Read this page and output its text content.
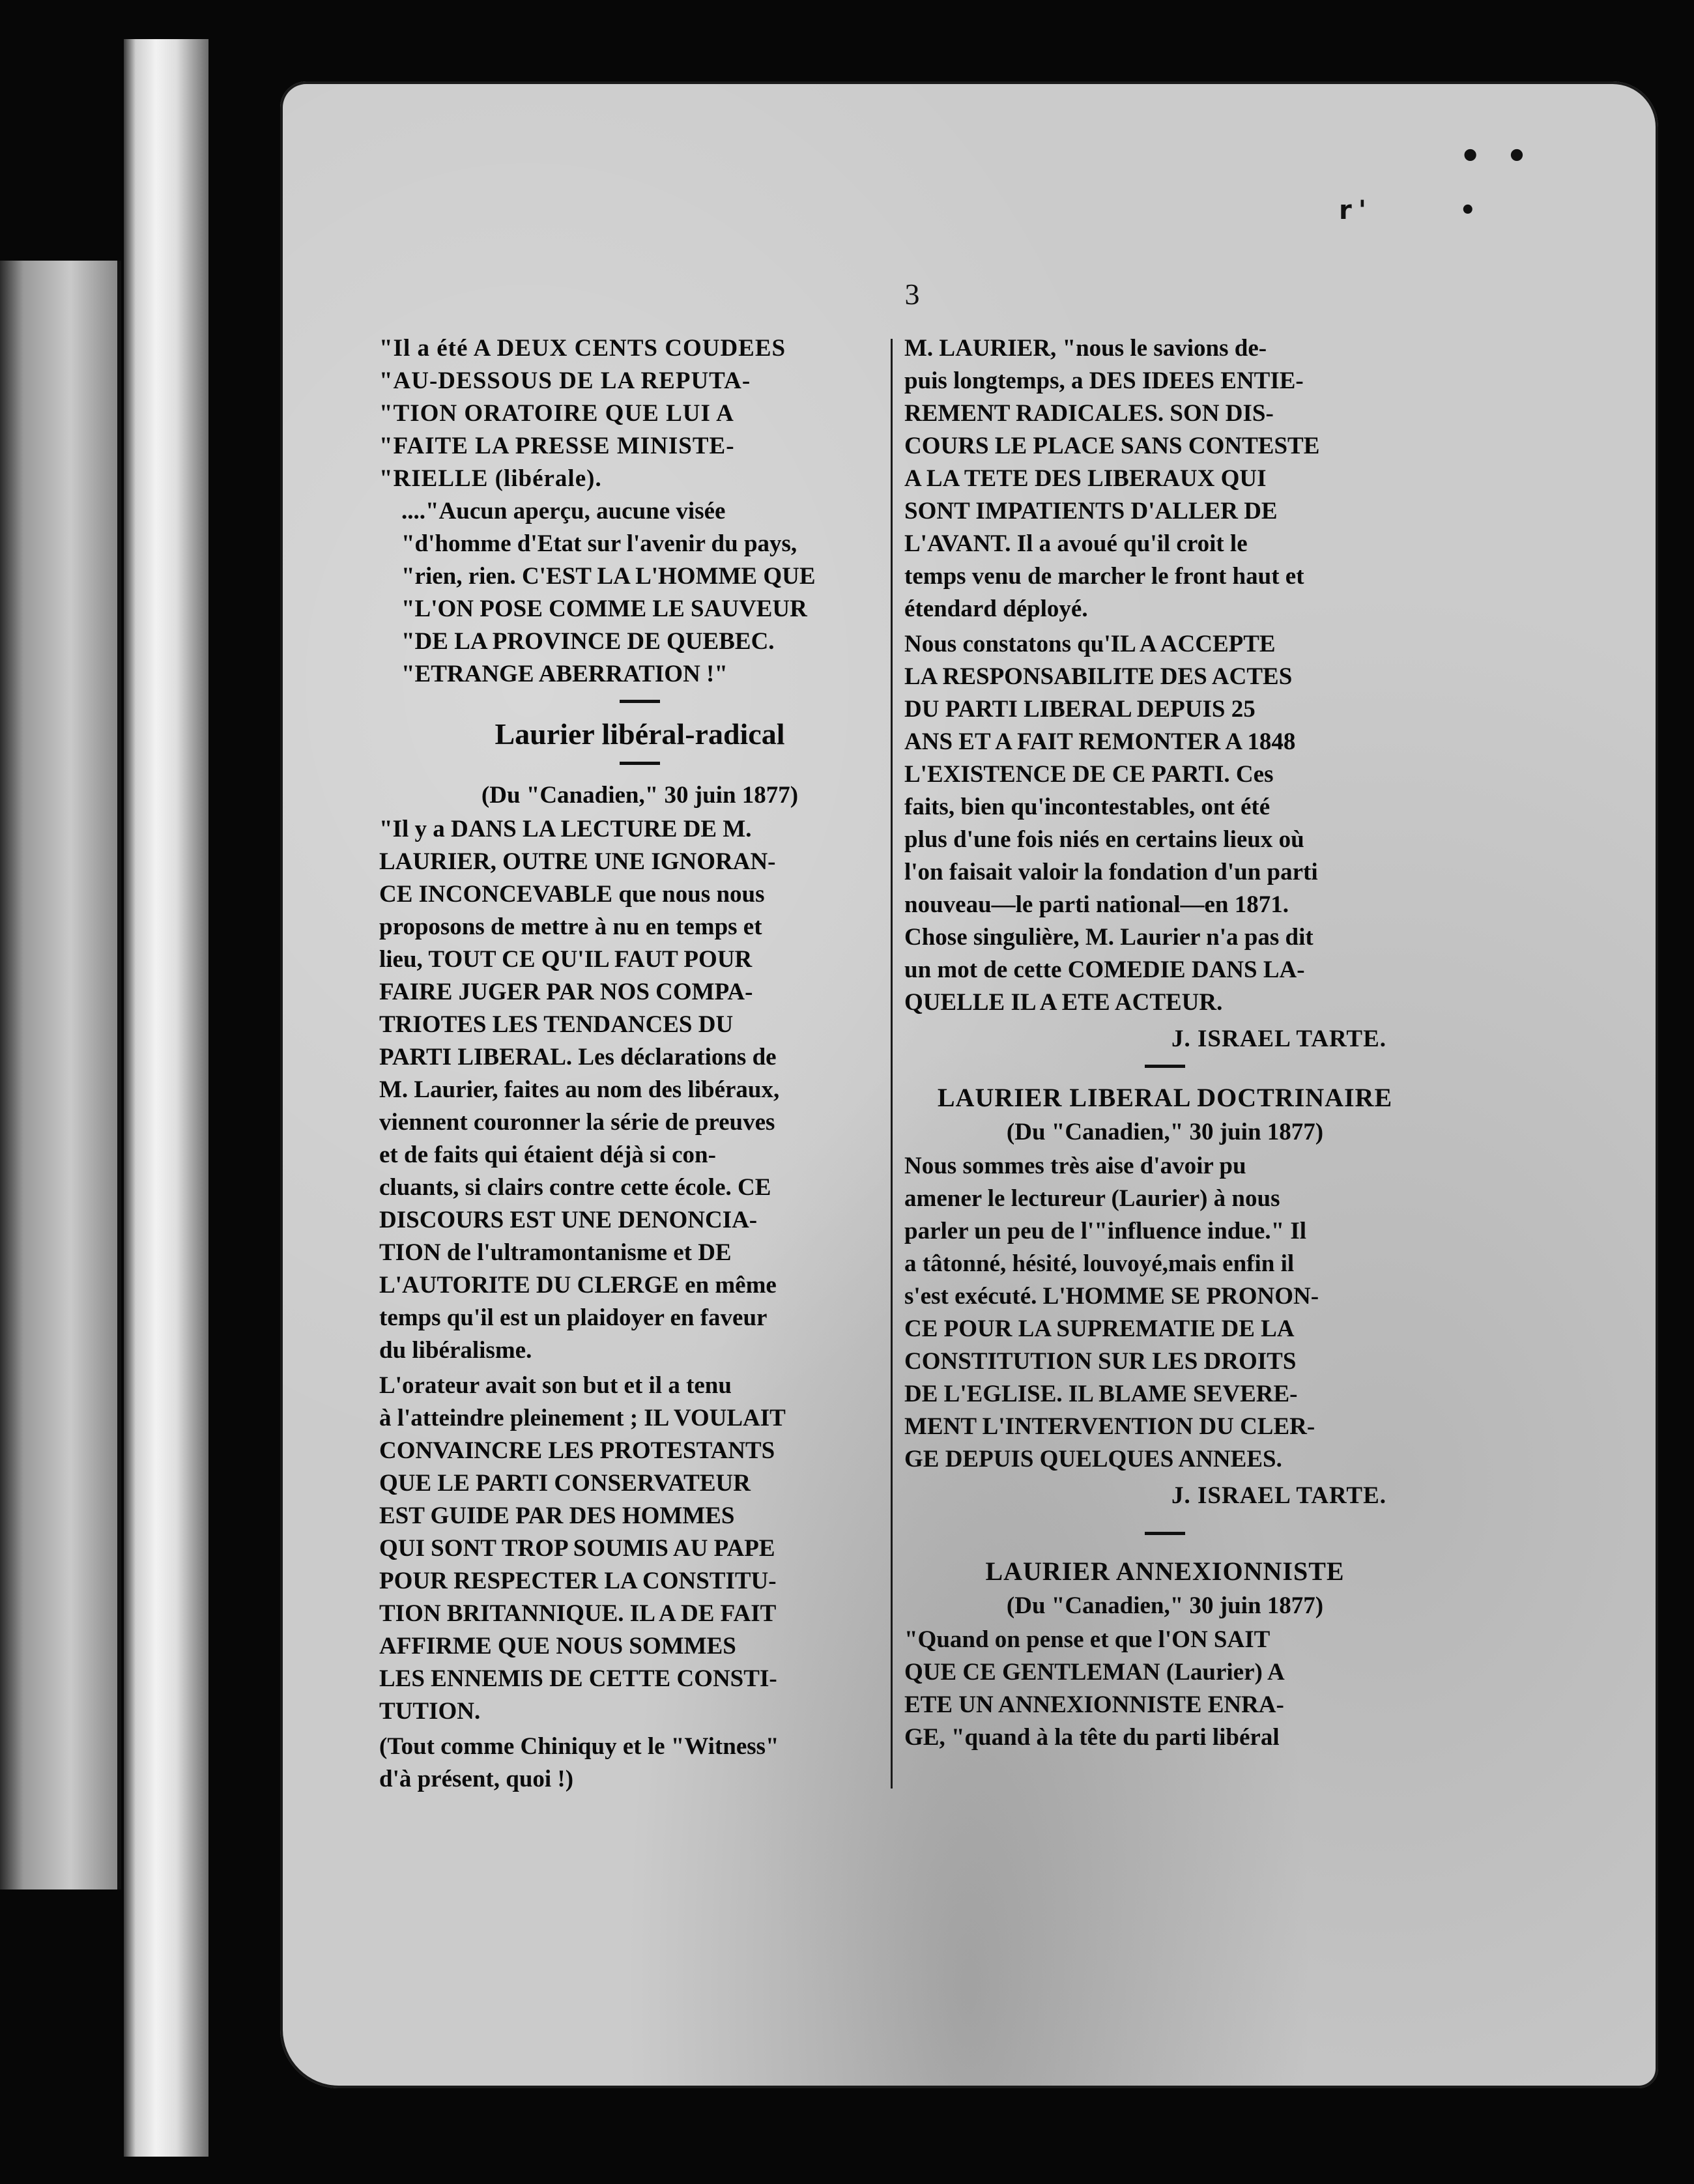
• •
r'	•
3

"Il a été A DEUX CENTS COUDEES
"AU-DESSOUS DE LA REPUTA-
"TION ORATOIRE QUE LUI A
"FAITE LA PRESSE MINISTE-
"RIELLE (libérale).

...."Aucun aperçu, aucune visée
"d'homme d'Etat sur l'avenir du pays,
"rien, rien. C'EST LA L'HOMME QUE
"L'ON POSE COMME LE SAUVEUR
"DE LA PROVINCE DE QUEBEC.
"ETRANGE ABERRATION !"

Laurier libéral-radical

(Du "Canadien," 30 juin 1877)

"Il y a DANS LA LECTURE DE M.
LAURIER, OUTRE UNE IGNORAN-
CE INCONCEVABLE que nous nous
proposons de mettre à nu en temps et
lieu, TOUT CE QU'IL FAUT POUR
FAIRE JUGER PAR NOS COMPA-
TRIOTES LES TENDANCES DU
PARTI LIBERAL. Les déclarations de
M. Laurier, faites au nom des libéraux,
viennent couronner la série de preuves
et de faits qui étaient déjà si con-
cluants, si clairs contre cette école. CE
DISCOURS EST UNE DENONCIA-
TION de l'ultramontanisme et DE
L'AUTORITE DU CLERGE en même
temps qu'il est un plaidoyer en faveur
du libéralisme.

L'orateur avait son but et il a tenu
à l'atteindre pleinement ; IL VOULAIT
CONVAINCRE LES PROTESTANTS
QUE LE PARTI CONSERVATEUR
EST GUIDE PAR DES HOMMES
QUI SONT TROP SOUMIS AU PAPE
POUR RESPECTER LA CONSTITU-
TION BRITANNIQUE. IL A DE FAIT
AFFIRME QUE NOUS SOMMES
LES ENNEMIS DE CETTE CONSTI-
TUTION.

(Tout comme Chiniquy et le "Witness"
d'à présent, quoi !)

M. LAURIER, "nous le savions de-
puis longtemps, a DES IDEES ENTIE-
REMENT RADICALES. SON DIS-
COURS LE PLACE SANS CONTESTE
A LA TETE DES LIBERAUX QUI
SONT IMPATIENTS D'ALLER DE
L'AVANT. Il a avoué qu'il croit le
temps venu de marcher le front haut et
étendard déployé.

Nous constatons qu'IL A ACCEPTE
LA RESPONSABILITE DES ACTES
DU PARTI LIBERAL DEPUIS 25
ANS ET A FAIT REMONTER A 1848
L'EXISTENCE DE CE PARTI. Ces
faits, bien qu'incontestables, ont été
plus d'une fois niés en certains lieux où
l'on faisait valoir la fondation d'un parti
nouveau—le parti national—en 1871.
Chose singulière, M. Laurier n'a pas dit
un mot de cette COMEDIE DANS LA-
QUELLE IL A ETE ACTEUR.

J. ISRAEL TARTE.

LAURIER LIBERAL DOCTRINAIRE

(Du "Canadien," 30 juin 1877)

Nous sommes très aise d'avoir pu
amener le lectureur (Laurier) à nous
parler un peu de l'"influence indue." Il
a tâtonné, hésité, louvoyé,mais enfin il
s'est exécuté. L'HOMME SE PRONON-
CE POUR LA SUPREMATIE DE LA
CONSTITUTION SUR LES DROITS
DE L'EGLISE. IL BLAME SEVERE-
MENT L'INTERVENTION DU CLER-
GE DEPUIS QUELQUES ANNEES.

J. ISRAEL TARTE.

LAURIER ANNEXIONNISTE

(Du "Canadien," 30 juin 1877)

"Quand on pense et que l'ON SAIT
QUE CE GENTLEMAN (Laurier) A
ETE UN ANNEXIONNISTE ENRA-
GE, "quand à la tête du parti libéral
